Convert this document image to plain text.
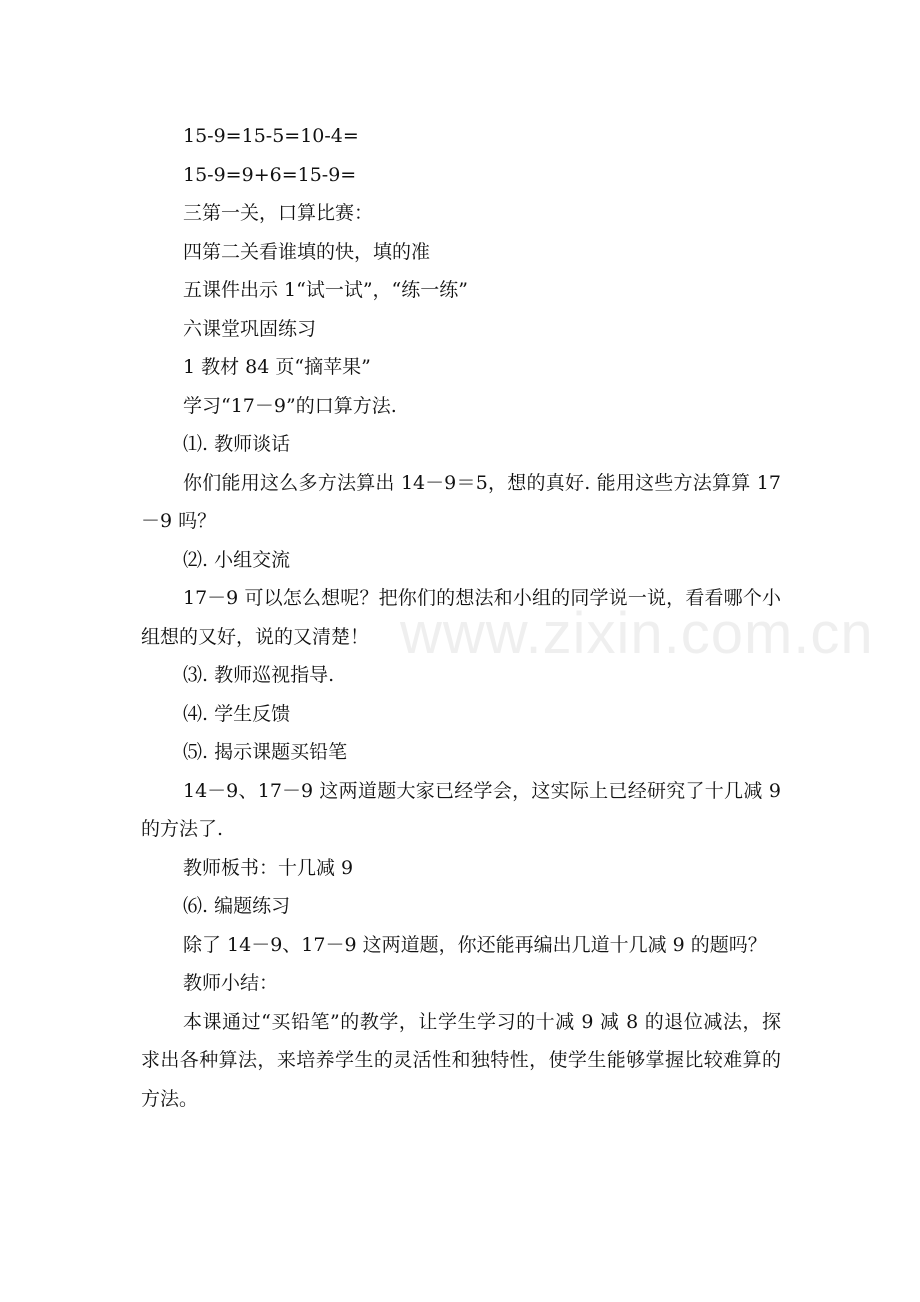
15-9=15-5=10-4=

15-9=9+6=15-9=

三第一关，口算比赛：

四第二关看谁填的快，填的准

五课件出示 1“试一试”，“练一练”

六课堂巩固练习

1 教材 84 页“摘苹果”

学习“17－9”的口算方法.

⑴. 教师谈话

你们能用这么多方法算出 14－9＝5，想的真好. 能用这些方法算算 17－9 吗？

⑵. 小组交流

17－9 可以怎么想呢？把你们的想法和小组的同学说一说，看看哪个小组想的又好，说的又清楚！

⑶. 教师巡视指导.

⑷. 学生反馈

⑸. 揭示课题买铅笔

14－9、17－9 这两道题大家已经学会，这实际上已经研究了十几减 9 的方法了.

教师板书：十几减 9

⑹. 编题练习

除了 14－9、17－9 这两道题，你还能再编出几道十几减 9 的题吗？

教师小结：

本课通过“买铅笔”的教学，让学生学习的十减 9 减 8 的退位减法，探求出各种算法，来培养学生的灵活性和独特性，使学生能够掌握比较难算的方法。

www.zixin.com.cn
